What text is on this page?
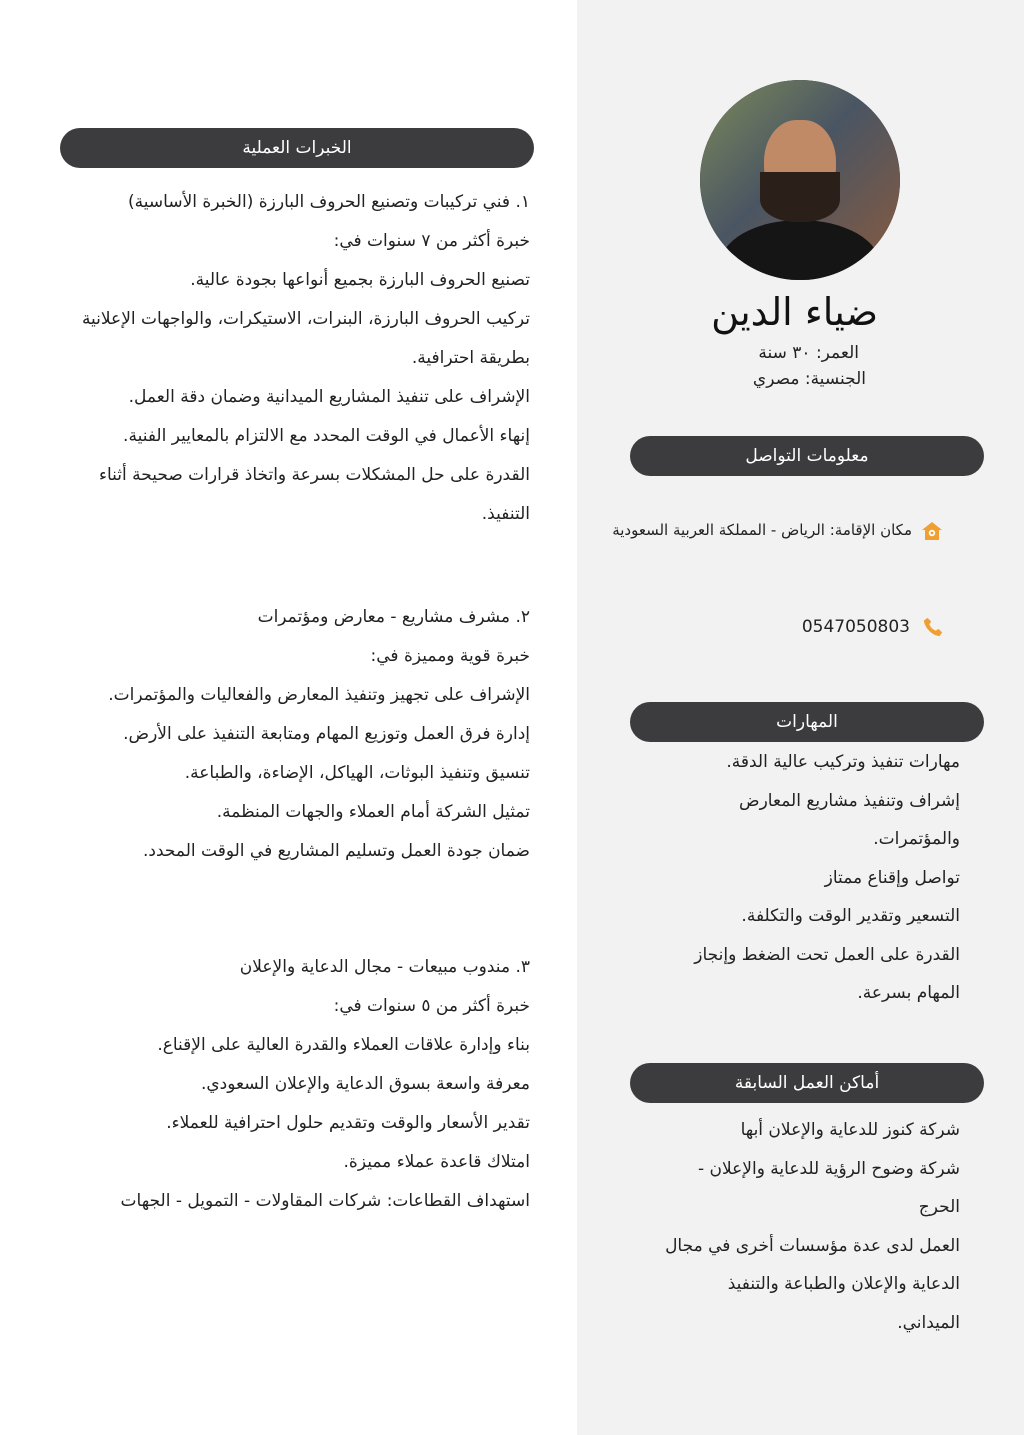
ضياء الدين
العمر: ٣٠ سنة
الجنسية: مصري
معلومات التواصل
مكان الإقامة: الرياض - المملكة العربية السعودية
0547050803
المهارات
مهارات تنفيذ وتركيب عالية الدقة.
إشراف وتنفيذ مشاريع المعارض
والمؤتمرات.
تواصل وإقناع ممتاز
التسعير وتقدير الوقت والتكلفة.
القدرة على العمل تحت الضغط وإنجاز
المهام بسرعة.
أماكن العمل السابقة
شركة كنوز للدعاية والإعلان أبها
شركة وضوح الرؤية للدعاية والإعلان -
الحرج
العمل لدى عدة مؤسسات أخرى في مجال
الدعاية والإعلان والطباعة والتنفيذ
الميداني.
الخبرات العملية
١. فني تركيبات وتصنيع الحروف البارزة (الخبرة الأساسية)
خبرة أكثر من ٧ سنوات في:
تصنيع الحروف البارزة بجميع أنواعها بجودة عالية.
تركيب الحروف البارزة، البنرات، الاستيكرات، والواجهات الإعلانية
بطريقة احترافية.
الإشراف على تنفيذ المشاريع الميدانية وضمان دقة العمل.
إنهاء الأعمال في الوقت المحدد مع الالتزام بالمعايير الفنية.
القدرة على حل المشكلات بسرعة واتخاذ قرارات صحيحة أثناء
التنفيذ.
٢. مشرف مشاريع - معارض ومؤتمرات
خبرة قوية ومميزة في:
الإشراف على تجهيز وتنفيذ المعارض والفعاليات والمؤتمرات.
إدارة فرق العمل وتوزيع المهام ومتابعة التنفيذ على الأرض.
تنسيق وتنفيذ البوثات، الهياكل، الإضاءة، والطباعة.
تمثيل الشركة أمام العملاء والجهات المنظمة.
ضمان جودة العمل وتسليم المشاريع في الوقت المحدد.
٣. مندوب مبيعات - مجال الدعاية والإعلان
خبرة أكثر من ٥ سنوات في:
بناء وإدارة علاقات العملاء والقدرة العالية على الإقناع.
معرفة واسعة بسوق الدعاية والإعلان السعودي.
تقدير الأسعار والوقت وتقديم حلول احترافية للعملاء.
امتلاك قاعدة عملاء مميزة.
استهداف القطاعات: شركات المقاولات - التمويل - الجهات
